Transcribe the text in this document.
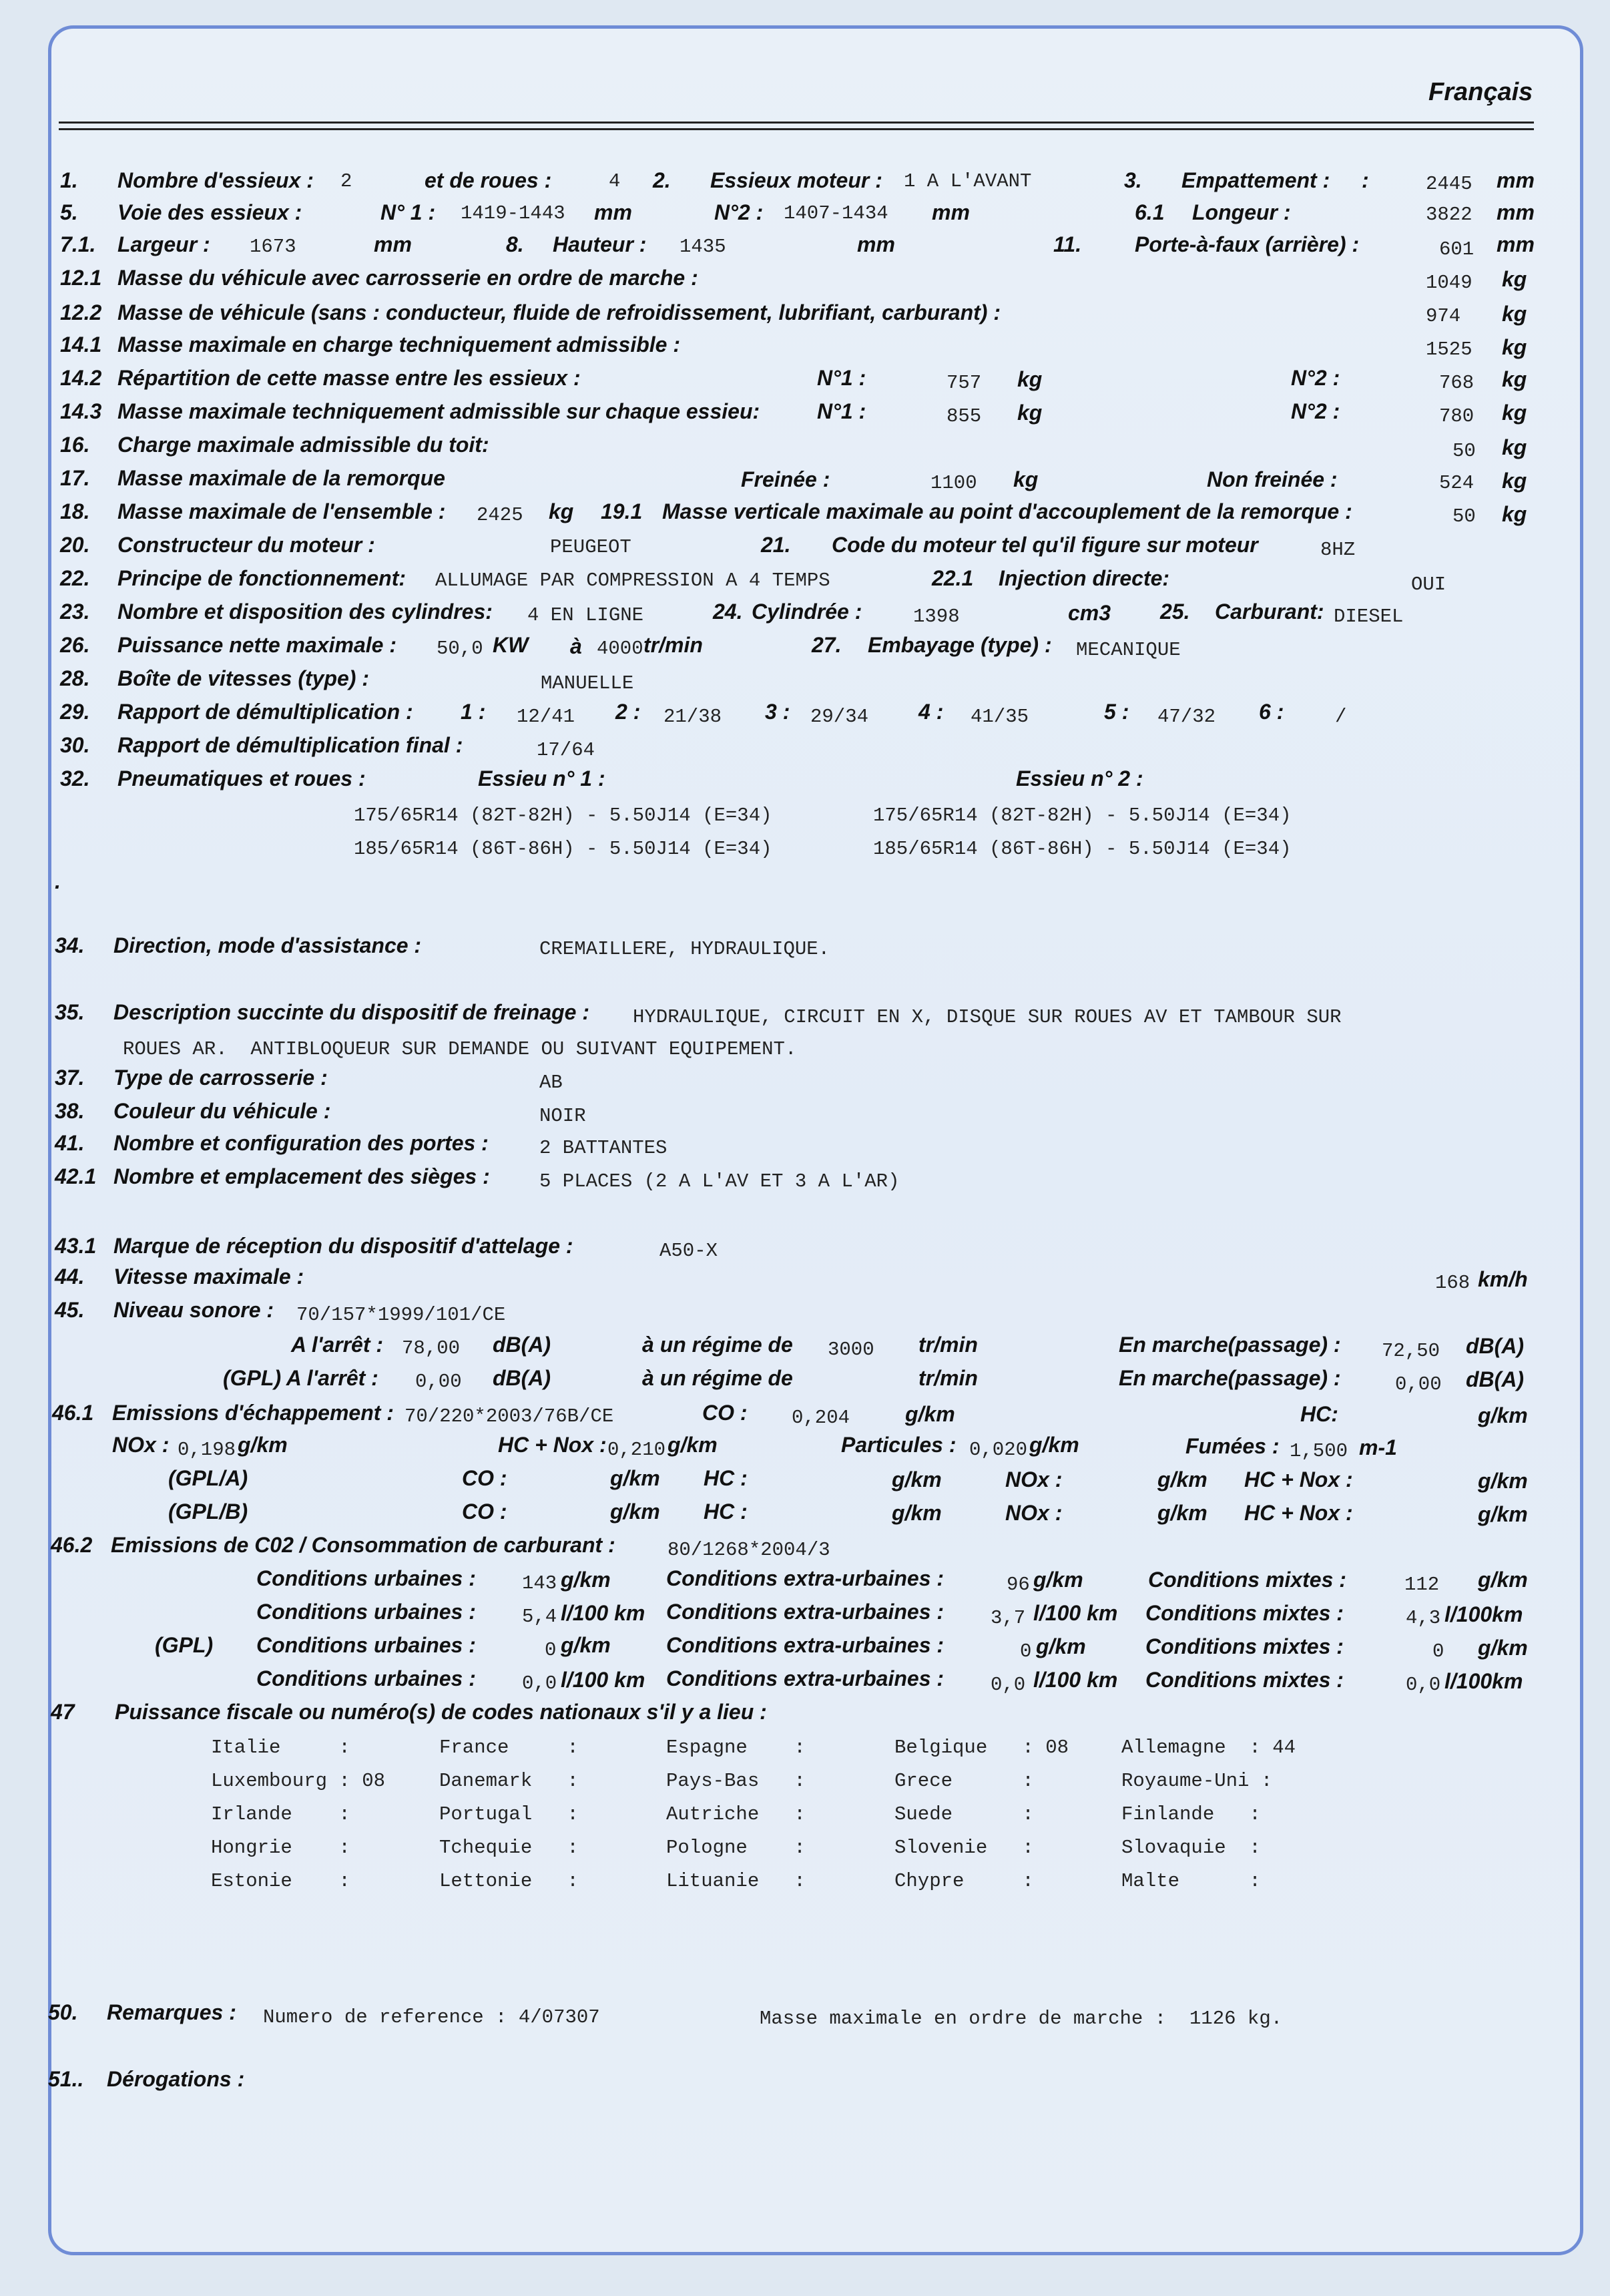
Français
1. Nombre d'essieux : 2	et de roues :	4 2. Essieux moteur : 1 A L'AVANT	3. Empattement : :	2445 mm
5. Voie des essieux :	N° 1 : 1419-1443 mm	N°2 : 1407-1434 mm	6.1 Longeur :	3822 mm
7.1. Largeur : 1673	mm	8. Hauteur : 1435	mm	11. Porte-à-faux (arrière) :	601 mm
12.1 Masse du véhicule avec carrosserie en ordre de marche :	1049 kg
12.2 Masse de véhicule (sans : conducteur, fluide de refroidissement, lubrifiant, carburant) :	974 kg
14.1 Masse maximale en charge techniquement admissible :	1525 kg
14.2 Répartition de cette masse entre les essieux :	N°1 :	757 kg	N°2 :	768 kg
14.3 Masse maximale techniquement admissible sur chaque essieu:	N°1 :	855 kg	N°2 :	780 kg
16. Charge maximale admissible du toit:	50 kg
17. Masse maximale de la remorque	Freinée :	1100 kg	Non freinée :	524 kg
18. Masse maximale de l'ensemble : 2425 kg 19.1 Masse verticale maximale au point d'accouplement de la remorque :	50 kg
20. Constructeur du moteur :	PEUGEOT	21. Code du moteur tel qu'il figure sur moteur	8HZ
22. Principe de fonctionnement: ALLUMAGE PAR COMPRESSION A 4 TEMPS	22.1 Injection directe:	OUI
23. Nombre et disposition des cylindres: 4 EN LIGNE	24. Cylindrée :	1398	cm3 25. Carburant: DIESEL
26. Puissance nette maximale : 50,0 KW à 4000 tr/min	27. Embayage (type) : MECANIQUE
28. Boîte de vitesses (type) :	MANUELLE
29. Rapport de démultiplication : 1 : 12/41 2 : 21/38 3 : 29/34 4 : 41/35	5 : 47/32 6 :	/
30. Rapport de démultiplication final :	17/64
32. Pneumatiques et roues :	Essieu n° 1 :	Essieu n° 2 :
175/65R14 (82T-82H) - 5.50J14 (E=34)	175/65R14 (82T-82H) - 5.50J14 (E=34)
185/65R14 (86T-86H) - 5.50J14 (E=34)	185/65R14 (86T-86H) - 5.50J14 (E=34)
.
34. Direction, mode d'assistance :	CREMAILLERE, HYDRAULIQUE.
35. Description succinte du dispositif de freinage : HYDRAULIQUE, CIRCUIT EN X, DISQUE SUR ROUES AV ET TAMBOUR SUR
ROUES AR.  ANTIBLOQUEUR SUR DEMANDE OU SUIVANT EQUIPEMENT.
37. Type de carrosserie :	AB
38. Couleur du véhicule :	NOIR
41. Nombre et configuration des portes :	2 BATTANTES
42.1 Nombre et emplacement des sièges :	5 PLACES (2 A L'AV ET 3 A L'AR)
43.1 Marque de réception du dispositif d'attelage :	A50-X
44. Vitesse maximale :	168 km/h
45. Niveau sonore : 70/157*1999/101/CE
A l'arrêt : 78,00 dB(A)	à un régime de 3000 tr/min	En marche(passage) : 72,50 dB(A)
(GPL) A l'arrêt : 0,00 dB(A)	à un régime de	tr/min	En marche(passage) :	0,00 dB(A)
46.1 Emissions d'échappement : 70/220*2003/76B/CE	CO : 0,204	g/km	HC:	g/km
NOx : 0,198 g/km	HC + Nox : 0,210 g/km	Particules : 0,020 g/km	Fumées : 1,500 m-1
(GPL/A)	CO :	g/km HC :	g/km	NOx :	g/km HC + Nox :	g/km
(GPL/B)	CO :	g/km HC :	g/km	NOx :	g/km HC + Nox :	g/km
46.2 Emissions de C02 / Consommation de carburant :	80/1268*2004/3
Conditions urbaines : 143 g/km	Conditions extra-urbaines :	96 g/km	Conditions mixtes :	112 g/km
Conditions urbaines : 5,4 l/100 km Conditions extra-urbaines : 3,7 l/100 km Conditions mixtes :	4,3 l/100km
(GPL) Conditions urbaines :	0 g/km	Conditions extra-urbaines :	0 g/km	Conditions mixtes :	0 g/km
Conditions urbaines : 0,0 l/100 km Conditions extra-urbaines : 0,0 l/100 km Conditions mixtes :	0,0 l/100km
47 Puissance fiscale ou numéro(s) de codes nationaux s'il y a lieu :
Italie     :	France     :	Espagne    :	Belgique   : 08	Allemagne  : 44
Luxembourg : 08	Danemark   :	Pays-Bas   :	Grece      :	Royaume-Uni :
Irlande    :	Portugal   :	Autriche   :	Suede      :	Finlande   :
Hongrie    :	Tchequie   :	Pologne    :	Slovenie   :	Slovaquie  :
Estonie    :	Lettonie   :	Lituanie   :	Chypre     :	Malte      :
50. Remarques : Numero de reference : 4/07307	Masse maximale en ordre de marche :  1126 kg.
51.. Dérogations :
